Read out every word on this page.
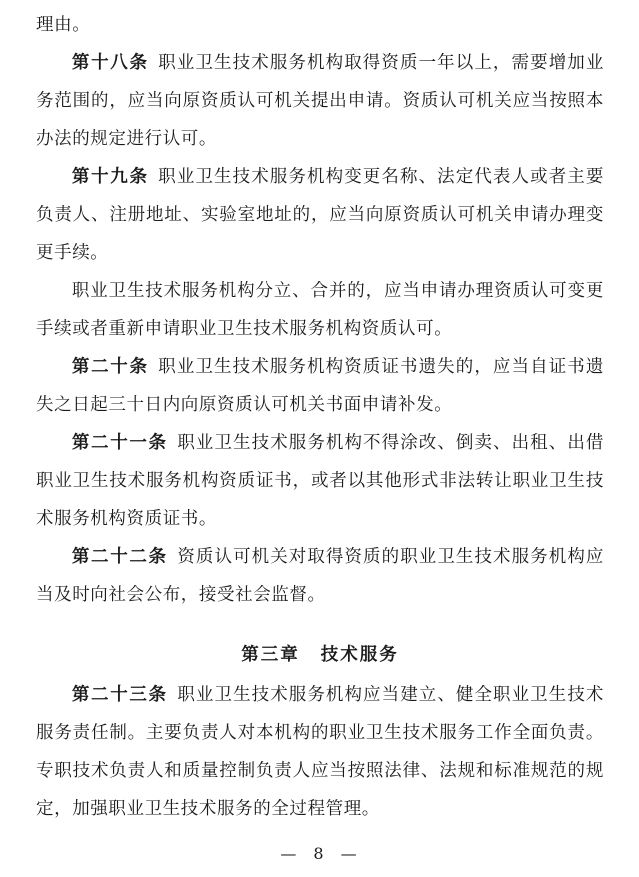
理由。

第十八条 职业卫生技术服务机构取得资质一年以上，需要增加业务范围的，应当向原资质认可机关提出申请。资质认可机关应当按照本办法的规定进行认可。

第十九条 职业卫生技术服务机构变更名称、法定代表人或者主要负责人、注册地址、实验室地址的，应当向原资质认可机关申请办理变更手续。

职业卫生技术服务机构分立、合并的，应当申请办理资质认可变更手续或者重新申请职业卫生技术服务机构资质认可。

第二十条 职业卫生技术服务机构资质证书遗失的，应当自证书遗失之日起三十日内向原资质认可机关书面申请补发。

第二十一条 职业卫生技术服务机构不得涂改、倒卖、出租、出借职业卫生技术服务机构资质证书，或者以其他形式非法转让职业卫生技术服务机构资质证书。

第二十二条 资质认可机关对取得资质的职业卫生技术服务机构应当及时向社会公布，接受社会监督。

第三章 技术服务

第二十三条 职业卫生技术服务机构应当建立、健全职业卫生技术服务责任制。主要负责人对本机构的职业卫生技术服务工作全面负责。专职技术负责人和质量控制负责人应当按照法律、法规和标准规范的规定，加强职业卫生技术服务的全过程管理。

— 8 —
